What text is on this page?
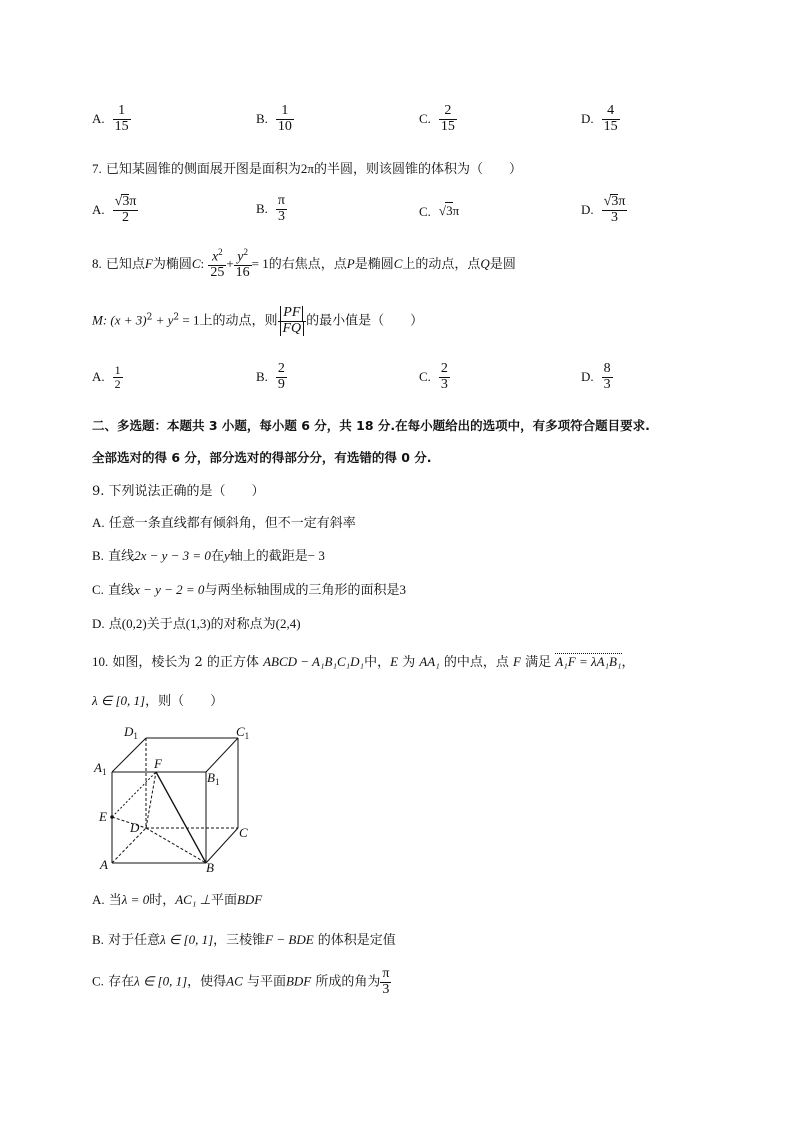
A. $\frac{1}{15}$	B. $\frac{1}{10}$	C. $\frac{2}{15}$	D. $\frac{4}{15}$
7. 已知某圆锥的侧面展开图是面积为2π的半圆，则该圆锥的体积为（　　）
A. $\frac{√3\pi}{2}$	B. $\frac{\pi}{3}$	C. √3π	D. $\frac{√3\pi}{3}$
8. 已知点F为椭圆C: $\frac{x^2}{25} + \frac{y^2}{16} = 1$的右焦点，点P是椭圆C上的动点，点Q是圆
M: $(x + 3)^2 + y^2 = 1$上的动点，则 $\frac{PF}{FQ}$ 的最小值是（　　）
A. $\frac{1}{2}$	B. $\frac{2}{9}$	C. $\frac{2}{3}$	D. $\frac{8}{3}$
二、多选题：本题共 3 小题，每小题 6 分，共 18 分.在每小题给出的选项中，有多项符合题目要求.
全部选对的得 6 分，部分选对的得部分分，有选错的得 0 分.
9. 下列说法正确的是（　　）
A. 任意一条直线都有倾斜角，但不一定有斜率
B. 直线2x − y − 3 = 0在y轴上的截距是− 3
C. 直线x − y − 2 = 0与两坐标轴围成的三角形的面积是3
D. 点(0,2)关于点(1,3)的对称点为(2,4)
10. 如图，棱长为 2 的正方体 ABCD − A₁B₁C₁D₁中，E 为 AA₁ 的中点，点 F 满足 A₁F = λA₁B₁，
λ ∈ [0, 1]，则（　　）
$D_1$	$C_1$
$A_1$	$B_1$
F
E
D	C
A	B
A. 当λ = 0时，AC₁ ⊥平面BDF
B. 对于任意λ ∈ [0, 1]，三棱锥F − BDE 的体积是定值
C. 存在λ ∈ [0, 1]，使得AC 与平面BDF 所成的角为 $\frac{\pi}{3}$
